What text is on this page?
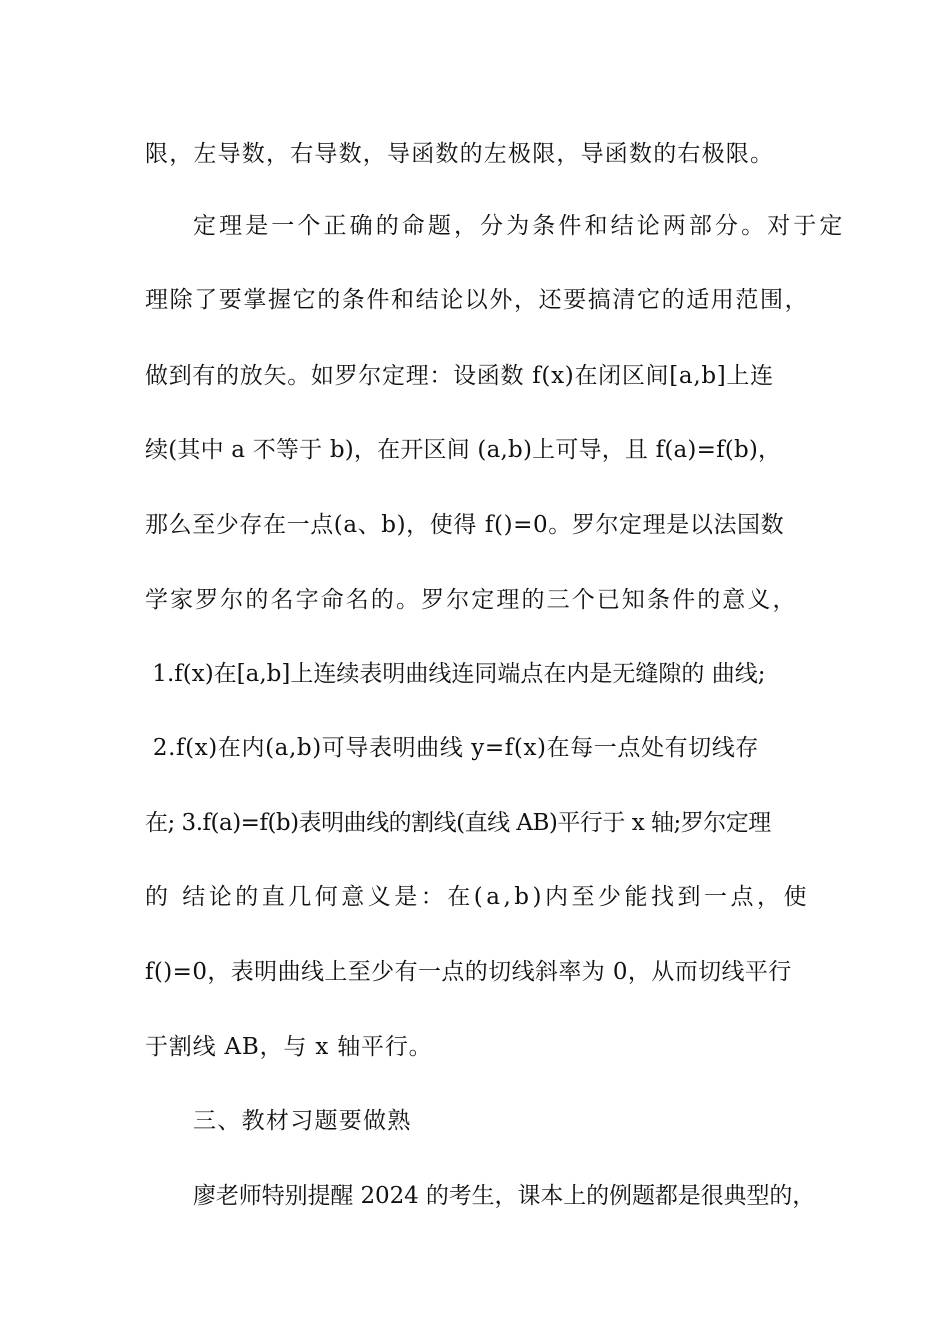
限，左导数，右导数，导函数的左极限，导函数的右极限。
定理是一个正确的命题，分为条件和结论两部分。对于定
理除了要掌握它的条件和结论以外，还要搞清它的适用范围，
做到有的放矢。如罗尔定理：设函数 f(x)在闭区间[a,b]上连
续(其中 a 不等于 b)，在开区间 (a,b)上可导，且 f(a)=f(b)，
那么至少存在一点(a、b)，使得 f()=0。罗尔定理是以法国数
学家罗尔的名字命名的。罗尔定理的三个已知条件的意义，
1.f(x)在[a,b]上连续表明曲线连同端点在内是无缝隙的 曲线;
2.f(x)在内(a,b)可导表明曲线 y=f(x)在每一点处有切线存
在; 3.f(a)=f(b)表明曲线的割线(直线 AB)平行于 x 轴;罗尔定理
的 结论的直几何意义是：在(a,b)内至少能找到一点，使
f()=0，表明曲线上至少有一点的切线斜率为 0，从而切线平行
于割线 AB，与 x 轴平行。
三、教材习题要做熟
廖老师特别提醒 2024 的考生，课本上的例题都是很典型的，
